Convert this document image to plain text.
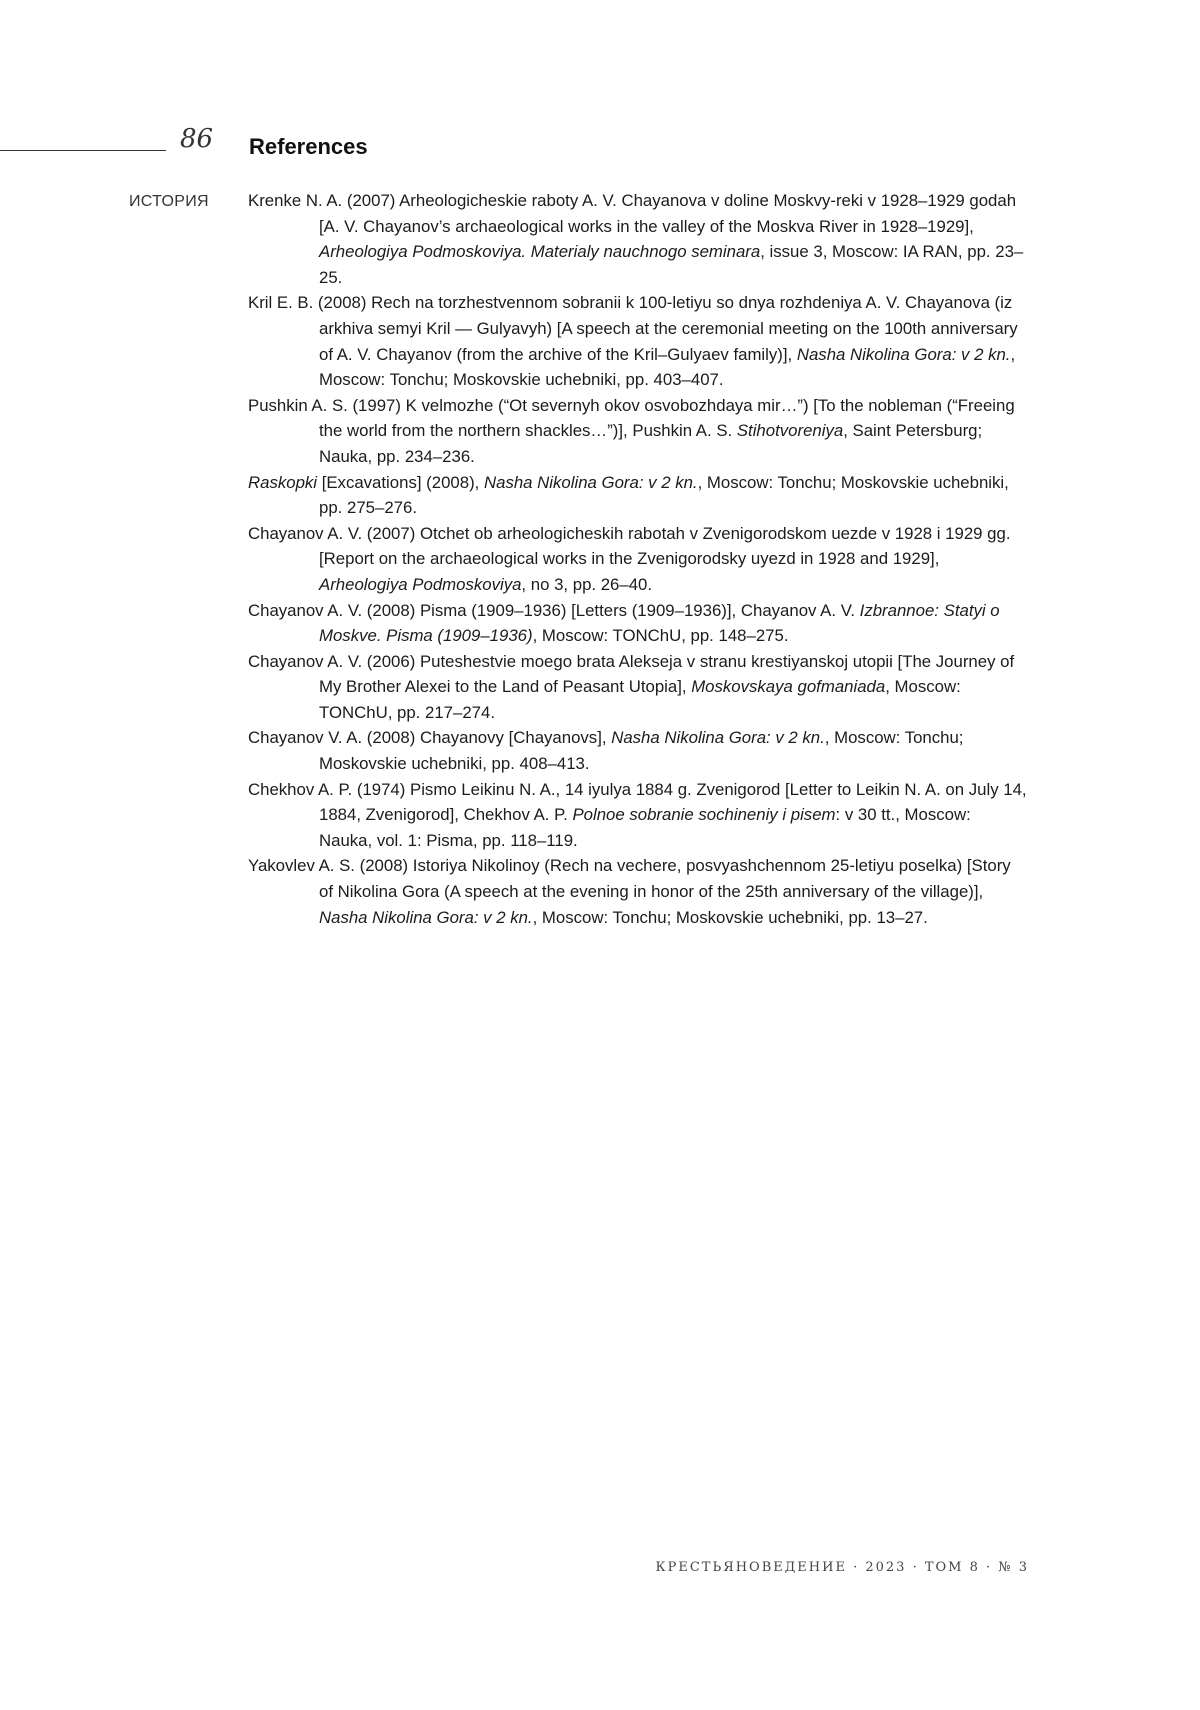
86 References
ИСТОРИЯ Krenke N. A. (2007) Arheologicheskie raboty A. V. Chayanova v doline Moskvy-reki v 1928–1929 godah [A. V. Chayanov’s archaeological works in the valley of the Moskva River in 1928–1929], Arheologiya Podmoskoviya. Materialy nauchnogo seminara, issue 3, Moscow: IA RAN, pp. 23–25.

Kril E. B. (2008) Rech na torzhestvennom sobranii k 100-letiyu so dnya rozhdeniya A. V. Chayanova (iz arkhiva semyi Kril — Gulyavyh) [A speech at the ceremonial meeting on the 100th anniversary of A. V. Chayanov (from the archive of the Kril–Gulyaev family)], Nasha Nikolina Gora: v 2 kn., Moscow: Tonchu; Moskovskie uchebniki, pp. 403–407.

Pushkin A. S. (1997) K velmozhe (“Ot severnyh okov osvobozhdaya mir…”) [To the nobleman (“Freeing the world from the northern shackles…”)], Pushkin A. S. Stihotvoreniya, Saint Petersburg; Nauka, pp. 234–236.

Raskopki [Excavations] (2008), Nasha Nikolina Gora: v 2 kn., Moscow: Tonchu; Moskovskie uchebniki, pp. 275–276.

Chayanov A. V. (2007) Otchet ob arheologicheskih rabotah v Zvenigorodskom uezde v 1928 i 1929 gg. [Report on the archaeological works in the Zvenigorodsky uyezd in 1928 and 1929], Arheologiya Podmoskoviya, no 3, pp. 26–40.

Chayanov A. V. (2008) Pisma (1909–1936) [Letters (1909–1936)], Chayanov A. V. Izbrannoe: Statyi o Moskve. Pisma (1909–1936), Moscow: TONChU, pp. 148–275.

Chayanov A. V. (2006) Puteshestvie moego brata Alekseja v stranu krestiyanskoj utopii [The Journey of My Brother Alexei to the Land of Peasant Utopia], Moskovskaya gofmaniada, Moscow: TONChU, pp. 217–274.

Chayanov V. A. (2008) Chayanovy [Chayanovs], Nasha Nikolina Gora: v 2 kn., Moscow: Tonchu; Moskovskie uchebniki, pp. 408–413.

Chekhov A. P. (1974) Pismo Leikinu N. A., 14 iyulya 1884 g. Zvenigorod [Letter to Leikin N. A. on July 14, 1884, Zvenigorod], Chekhov A. P. Polnoe sobranie sochineniy i pisem: v 30 tt., Moscow: Nauka, vol. 1: Pisma, pp. 118–119.

Yakovlev A. S. (2008) Istoriya Nikolinoy (Rech na vechere, posvyashchennom 25-letiyu poselka) [Story of Nikolina Gora (A speech at the evening in honor of the 25th anniversary of the village)], Nasha Nikolina Gora: v 2 kn., Moscow: Tonchu; Moskovskie uchebniki, pp. 13–27.

КРЕСТЬЯНОВЕДЕНИЕ · 2023 · ТОМ 8 · № 3
